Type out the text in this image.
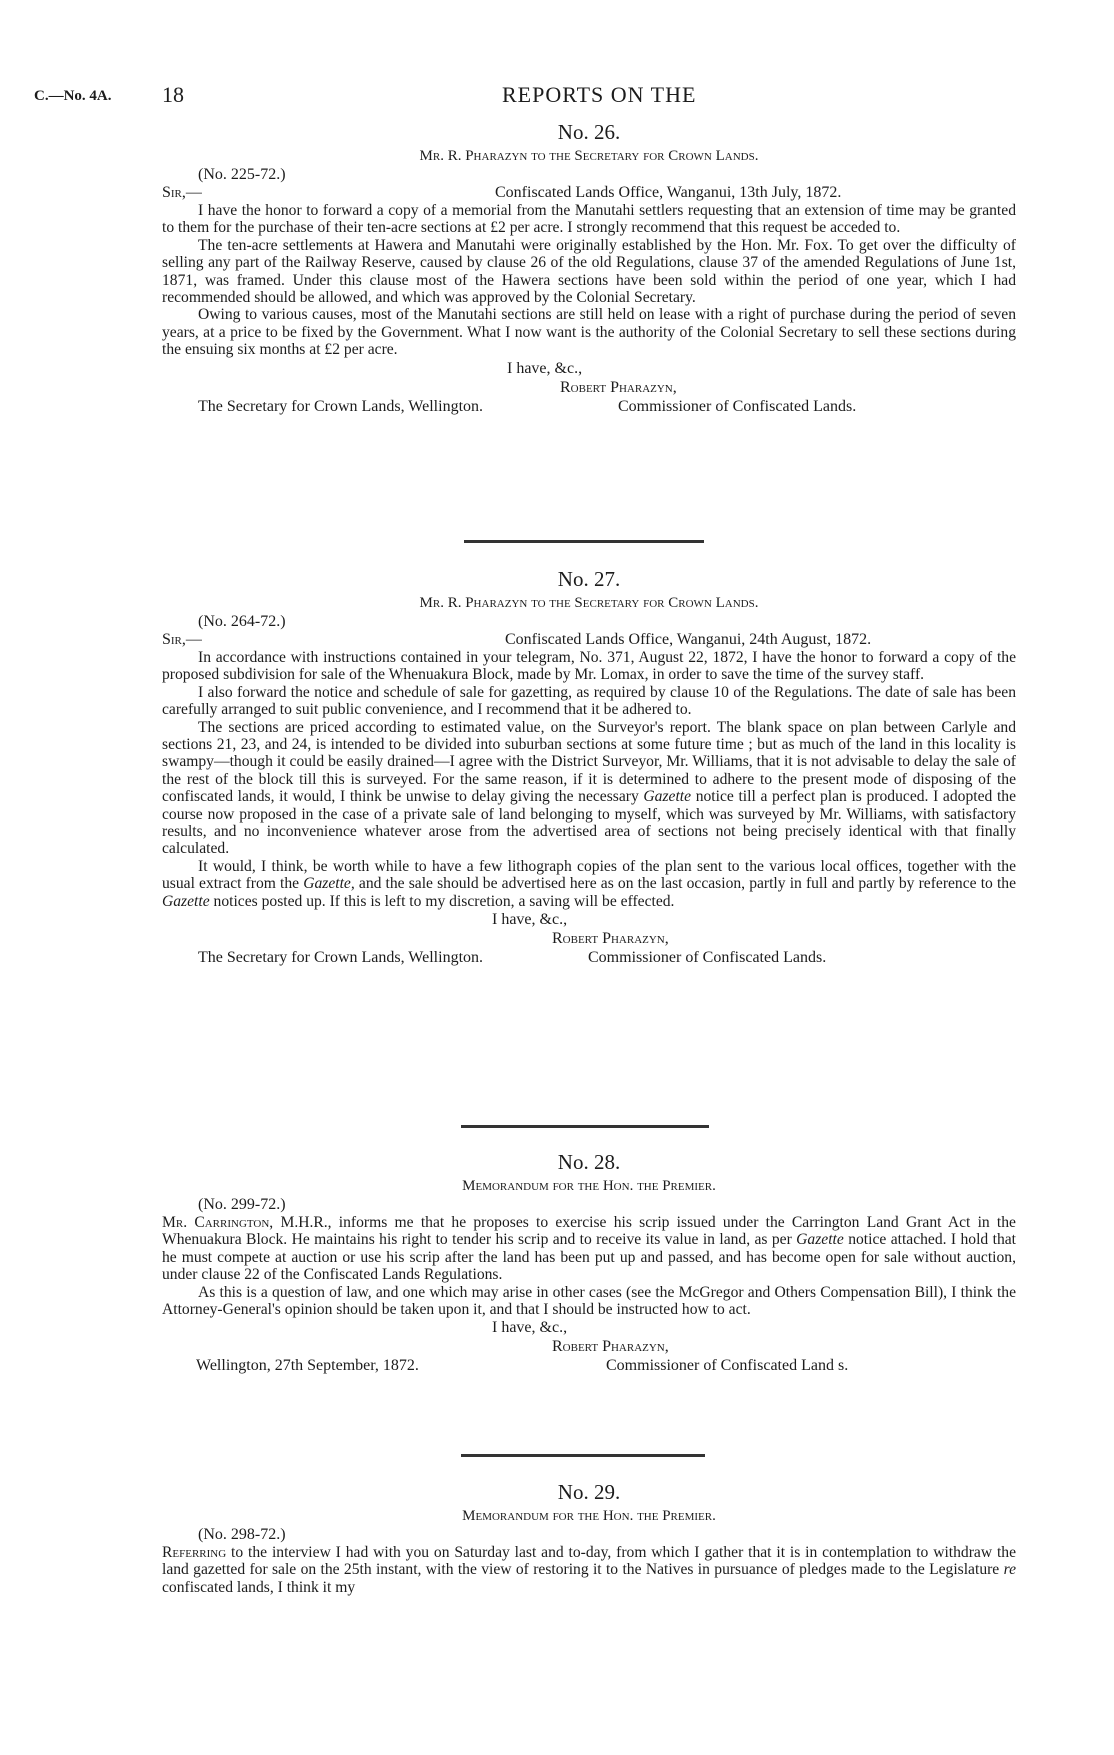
C.—No. 4A. 18	REPORTS ON THE

No. 26.

Mr. R. Pharazyn to the Secretary for Crown Lands.

(No. 225-72.)

Sir,—	Confiscated Lands Office, Wanganui, 13th July, 1872.

I have the honor to forward a copy of a memorial from the Manutahi settlers requesting that an extension of time may be granted to them for the purchase of their ten-acre sections at £2 per acre. I strongly recommend that this request be acceded to.

The ten-acre settlements at Hawera and Manutahi were originally established by the Hon. Mr. Fox. To get over the difficulty of selling any part of the Railway Reserve, caused by clause 26 of the old Regulations, clause 37 of the amended Regulations of June 1st, 1871, was framed. Under this clause most of the Hawera sections have been sold within the period of one year, which I had recommended should be allowed, and which was approved by the Colonial Secretary.

Owing to various causes, most of the Manutahi sections are still held on lease with a right of purchase during the period of seven years, at a price to be fixed by the Government. What I now want is the authority of the Colonial Secretary to sell these sections during the ensuing six months at £2 per acre.

I have, &c.,
Robert Pharazyn,
The Secretary for Crown Lands, Wellington.	Commissioner of Confiscated Lands.

No. 27.

Mr. R. Pharazyn to the Secretary for Crown Lands.

(No. 264-72.)

Sir,—	Confiscated Lands Office, Wanganui, 24th August, 1872.

In accordance with instructions contained in your telegram, No. 371, August 22, 1872, I have the honor to forward a copy of the proposed subdivision for sale of the Whenuakura Block, made by Mr. Lomax, in order to save the time of the survey staff.

I also forward the notice and schedule of sale for gazetting, as required by clause 10 of the Regulations. The date of sale has been carefully arranged to suit public convenience, and I recommend that it be adhered to.

The sections are priced according to estimated value, on the Surveyor's report. The blank space on plan between Carlyle and sections 21, 23, and 24, is intended to be divided into suburban sections at some future time ; but as much of the land in this locality is swampy—though it could be easily drained—I agree with the District Surveyor, Mr. Williams, that it is not advisable to delay the sale of the rest of the block till this is surveyed. For the same reason, if it is determined to adhere to the present mode of disposing of the confiscated lands, it would, I think be unwise to delay giving the necessary Gazette notice till a perfect plan is produced. I adopted the course now proposed in the case of a private sale of land belonging to myself, which was surveyed by Mr. Williams, with satisfactory results, and no inconvenience whatever arose from the advertised area of sections not being precisely identical with that finally calculated.

It would, I think, be worth while to have a few lithograph copies of the plan sent to the various local offices, together with the usual extract from the Gazette, and the sale should be advertised here as on the last occasion, partly in full and partly by reference to the Gazette notices posted up. If this is left to my discretion, a saving will be effected.

I have, &c.,
Robert Pharazyn,
The Secretary for Crown Lands, Wellington.	Commissioner of Confiscated Lands.

No. 28.

Memorandum for the Hon. the Premier.

(No. 299-72.)

Mr. Carrington, M.H.R., informs me that he proposes to exercise his scrip issued under the Carrington Land Grant Act in the Whenuakura Block. He maintains his right to tender his scrip and to receive its value in land, as per Gazette notice attached. I hold that he must compete at auction or use his scrip after the land has been put up and passed, and has become open for sale without auction, under clause 22 of the Confiscated Lands Regulations.

As this is a question of law, and one which may arise in other cases (see the McGregor and Others Compensation Bill), I think the Attorney-General's opinion should be taken upon it, and that I should be instructed how to act.

I have, &c.,
Robert Pharazyn,
Wellington, 27th September, 1872.	Commissioner of Confiscated Land s.

No. 29.

Memorandum for the Hon. the Premier.

(No. 298-72.)

Referring to the interview I had with you on Saturday last and to-day, from which I gather that it is in contemplation to withdraw the land gazetted for sale on the 25th instant, with the view of restoring it to the Natives in pursuance of pledges made to the Legislature re confiscated lands, I think it my
